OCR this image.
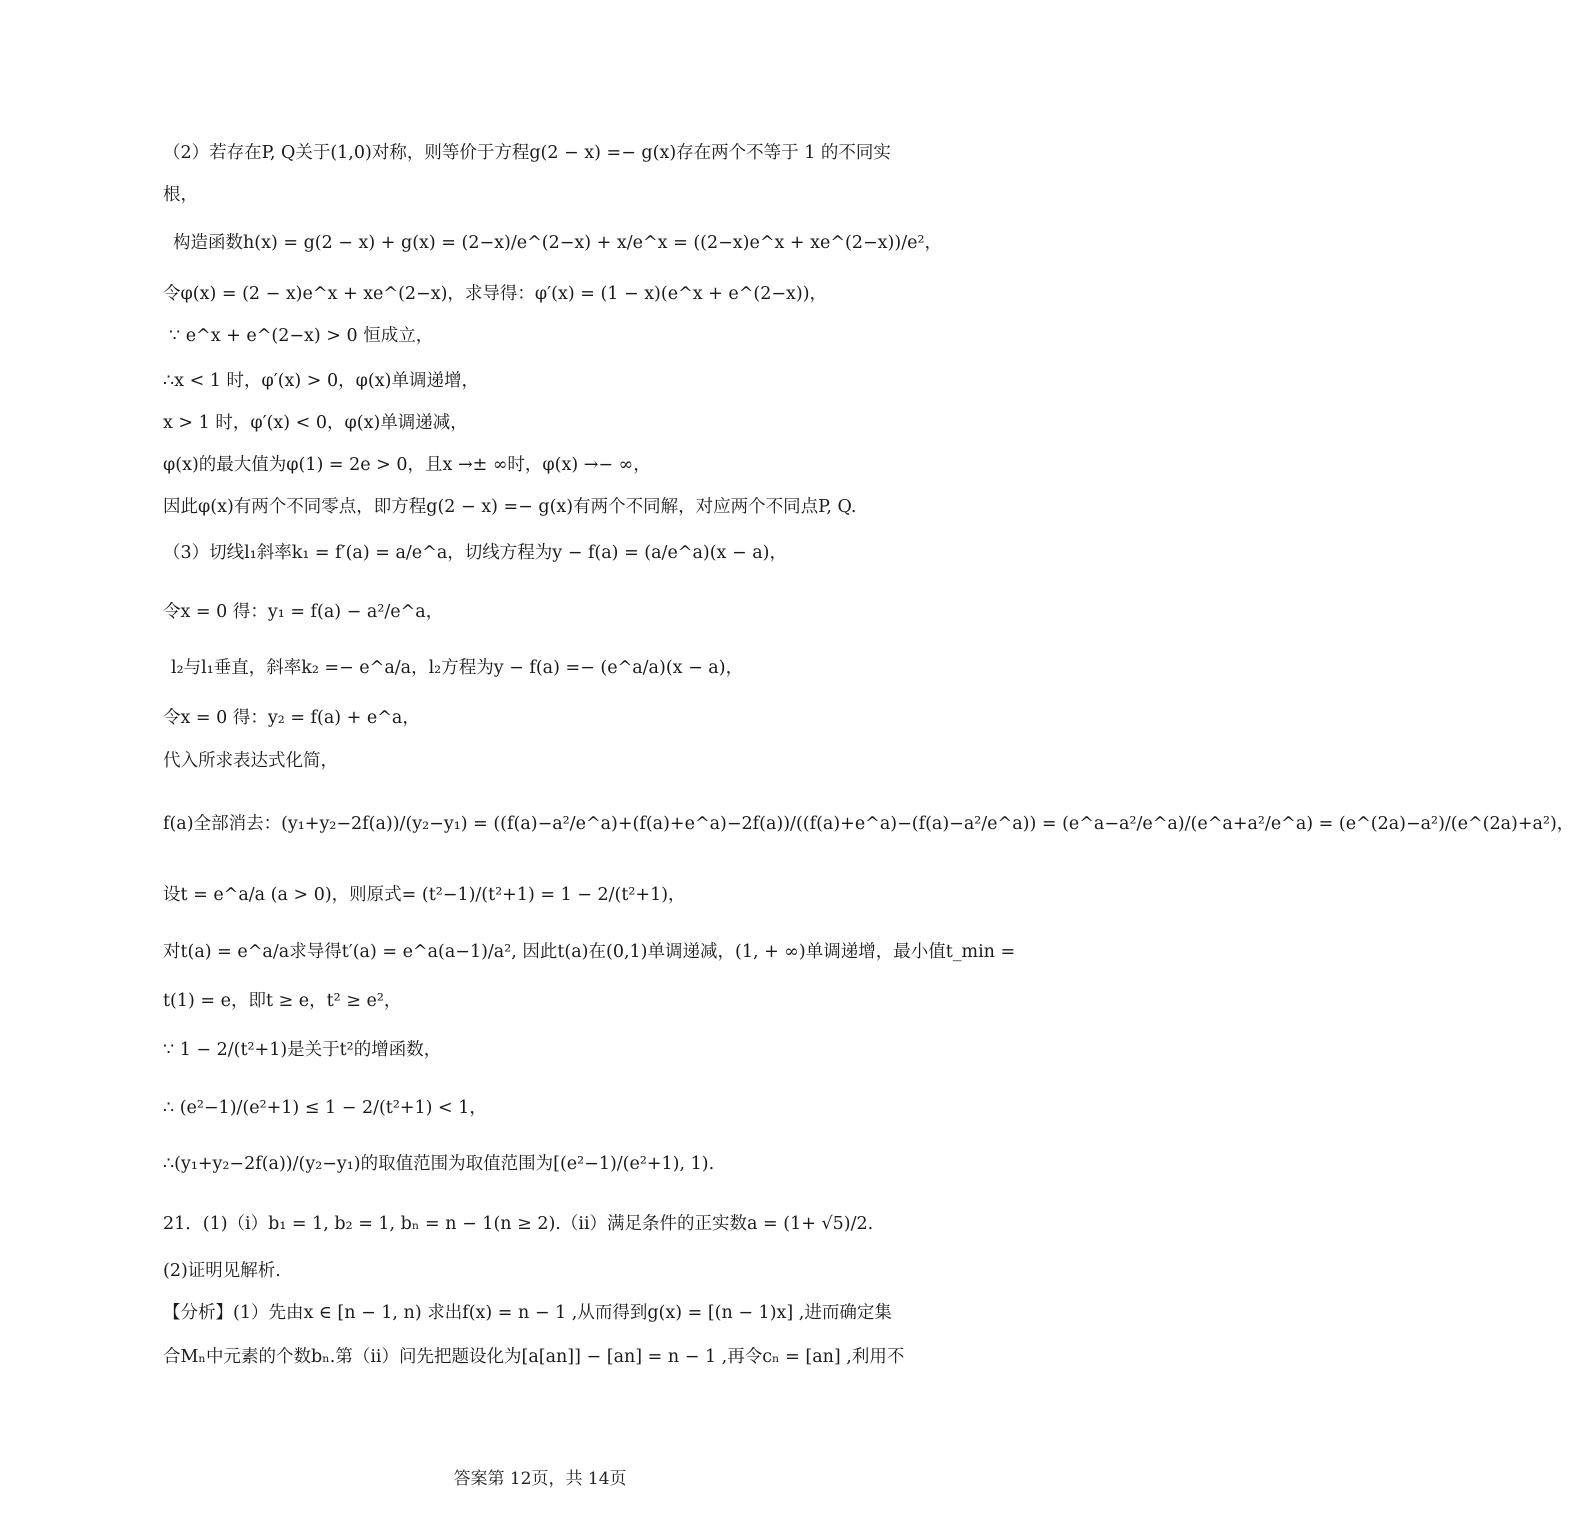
（2）若存在P, Q关于(1,0)对称，则等价于方程g(2 − x) =− g(x)存在两个不等于 1 的不同实
根，
构造函数h(x) = g(2 − x) + g(x) = (2−x)/e^(2−x) + x/e^x = ((2−x)e^x + xe^(2−x))/e²，
令φ(x) = (2 − x)e^x + xe^(2−x)，求导得：φ′(x) = (1 − x)(e^x + e^(2−x))，
∵ e^x + e^(2−x) > 0 恒成立，
∴x < 1 时，φ′(x) > 0，φ(x)单调递增，
x > 1 时，φ′(x) < 0，φ(x)单调递减，
φ(x)的最大值为φ(1) = 2e > 0，且x →± ∞时，φ(x) →− ∞，
因此φ(x)有两个不同零点，即方程g(2 − x) =− g(x)有两个不同解，对应两个不同点P, Q.
（3）切线l₁斜率k₁ = f′(a) = a/e^a，切线方程为y − f(a) = (a/e^a)(x − a)，
令x = 0 得：y₁ = f(a) − a²/e^a，
l₂与l₁垂直，斜率k₂ =− e^a/a，l₂方程为y − f(a) =− (e^a/a)(x − a)，
令x = 0 得：y₂ = f(a) + e^a，
代入所求表达式化简，
f(a)全部消去：(y₁+y₂−2f(a))/(y₂−y₁) = ((f(a)−a²/e^a)+(f(a)+e^a)−2f(a))/((f(a)+e^a)−(f(a)−a²/e^a)) = (e^a−a²/e^a)/(e^a+a²/e^a) = (e^(2a)−a²)/(e^(2a)+a²)，
设t = e^a/a (a > 0)，则原式= (t²−1)/(t²+1) = 1 − 2/(t²+1)，
对t(a) = e^a/a求导得t′(a) = e^a(a−1)/a², 因此t(a)在(0,1)单调递减，(1, + ∞)单调递增，最小值t_min =
t(1) = e，即t ≥ e，t² ≥ e²，
∵ 1 − 2/(t²+1)是关于t²的增函数，
∴ (e²−1)/(e²+1) ≤ 1 − 2/(t²+1) < 1，
∴(y₁+y₂−2f(a))/(y₂−y₁)的取值范围为取值范围为[(e²−1)/(e²+1), 1).
21．(1)（i）b₁ = 1, b₂ = 1, bₙ = n − 1(n ≥ 2).（ii）满足条件的正实数a = (1+ √5)/2.
(2)证明见解析.
【分析】(1）先由x ∈ [n − 1, n) 求出f(x) = n − 1 ,从而得到g(x) = [(n − 1)x] ,进而确定集
合Mₙ中元素的个数bₙ.第（ii）问先把题设化为[a[an]] − [an] = n − 1 ,再令cₙ = [an] ,利用不
答案第 12页，共 14页
